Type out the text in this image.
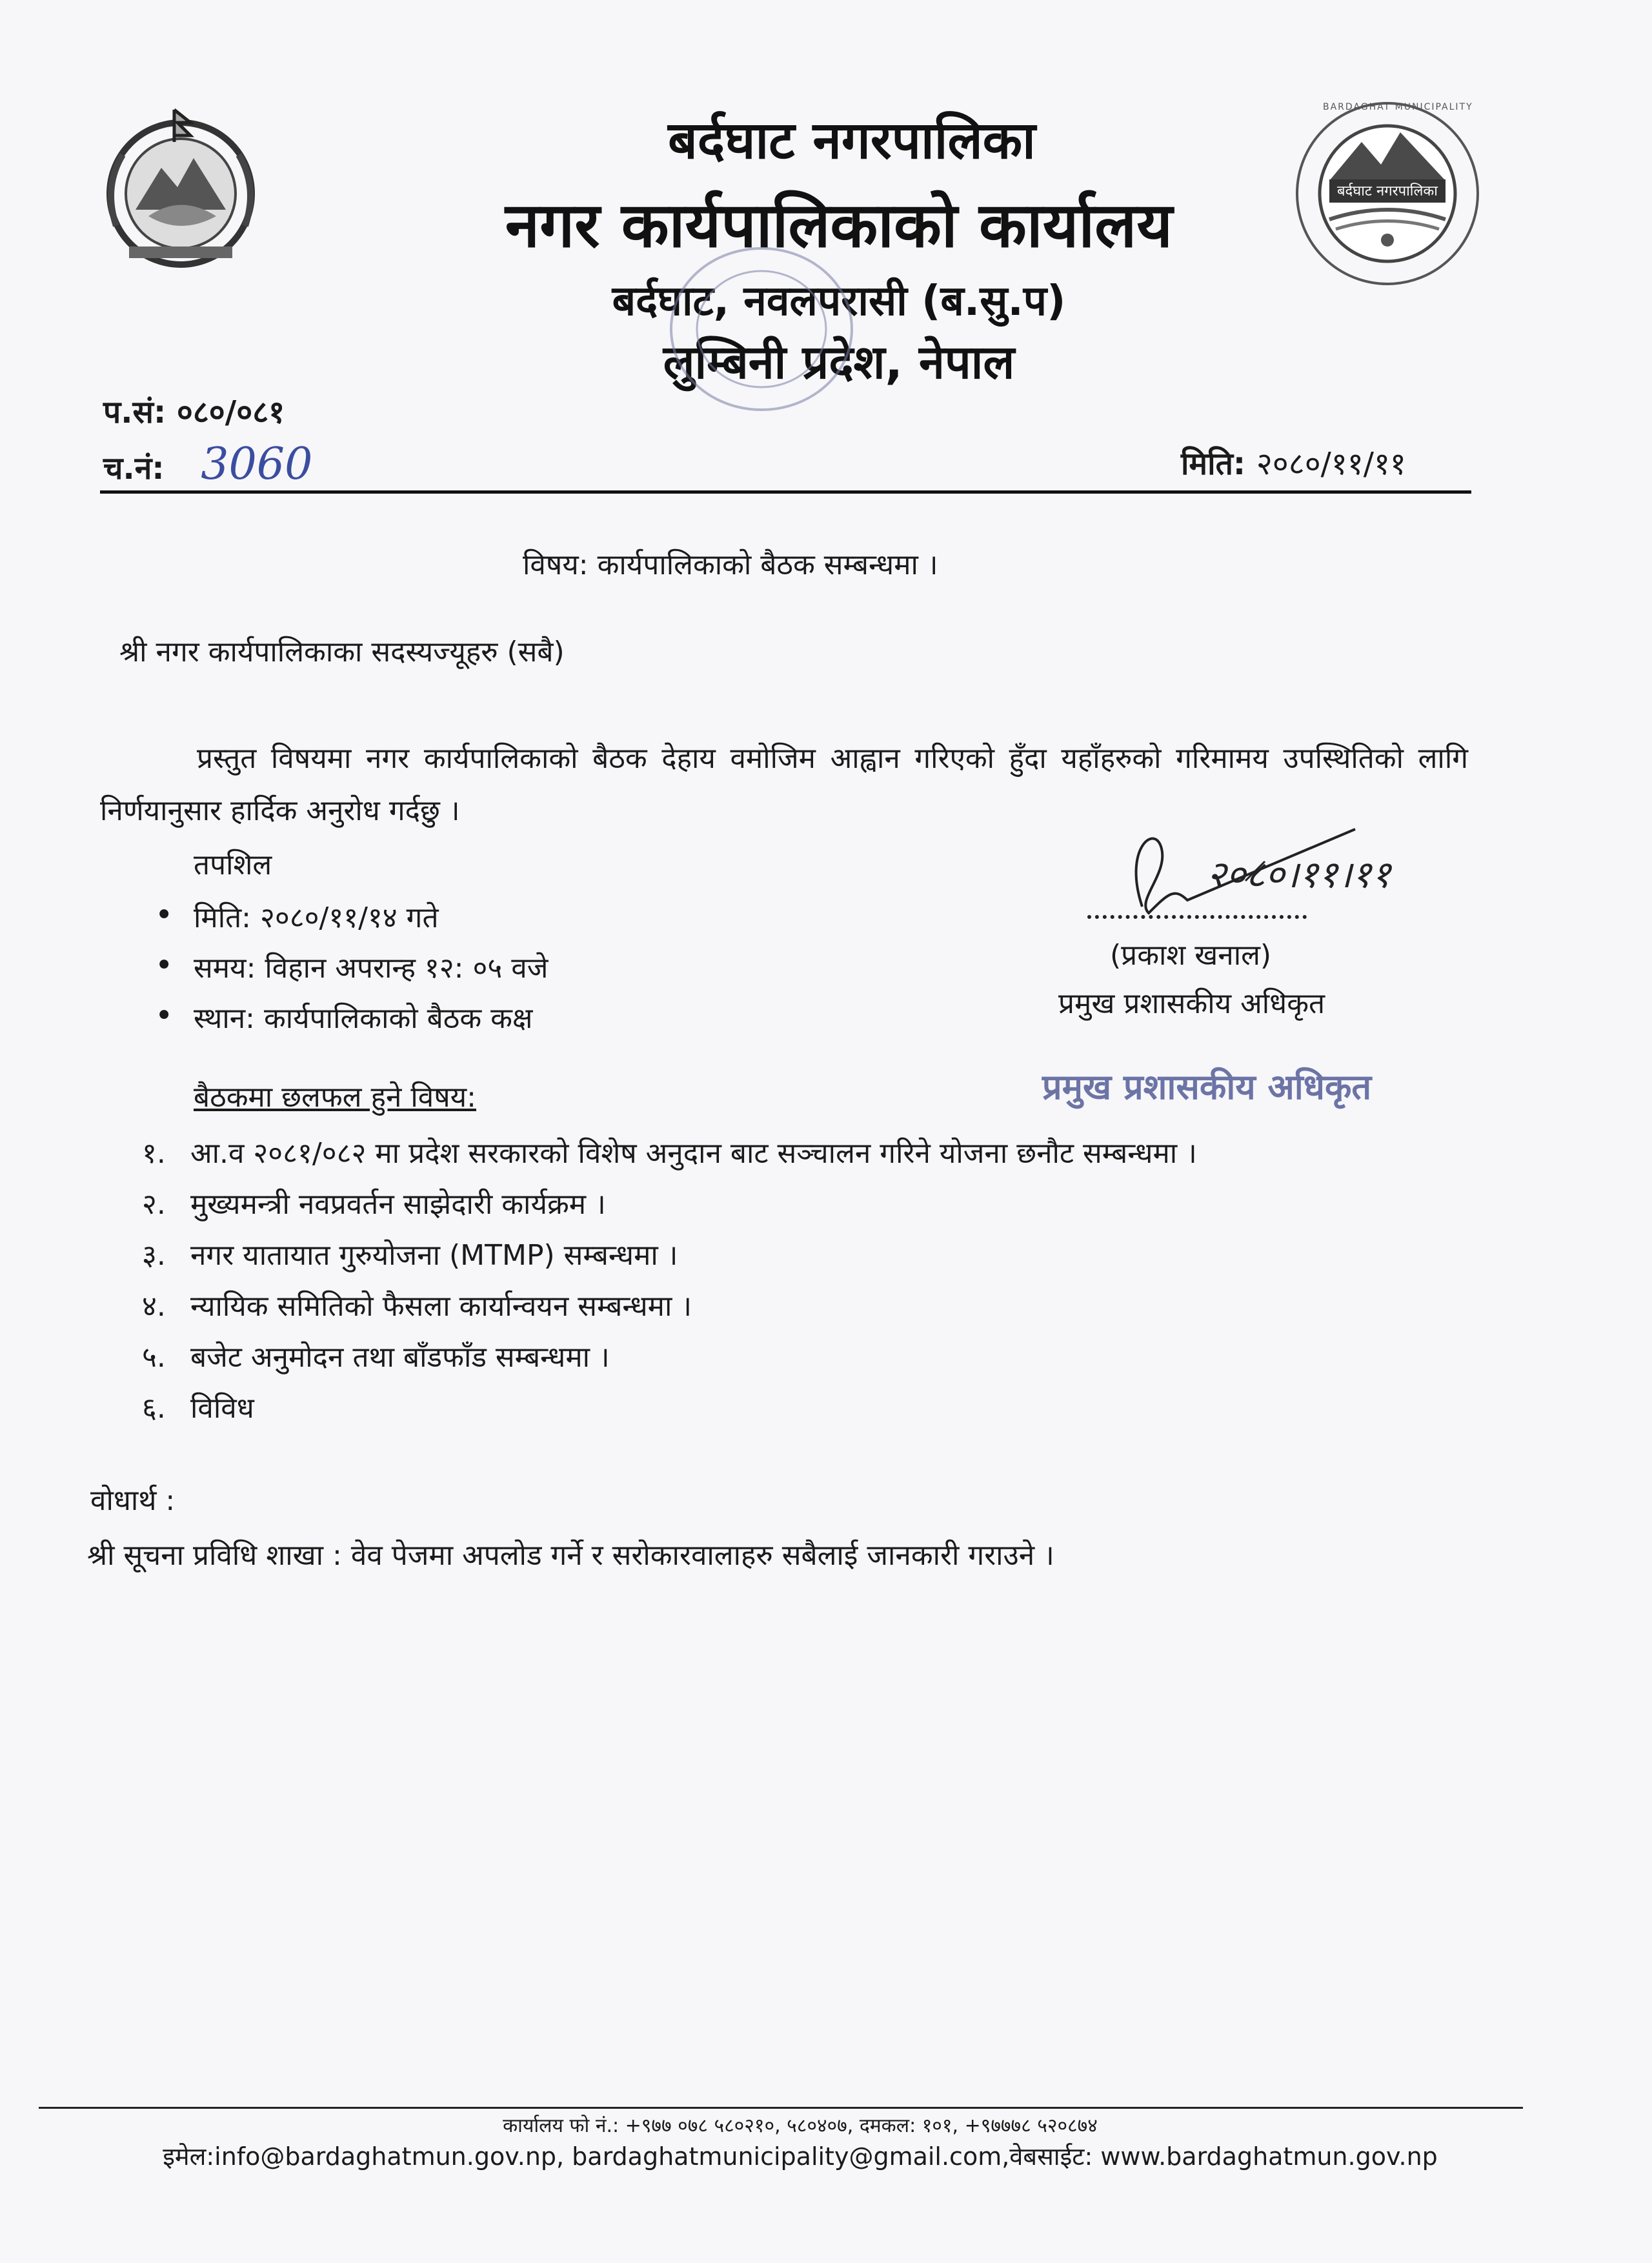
बर्दघाट नगरपालिका
BARDAGHAT MUNICIPALITY
बर्दघाट नगरपालिका
नगर कार्यपालिकाको कार्यालय
बर्दघाट, नवलपरासी (ब.सु.प)
लुम्बिनी प्रदेश, नेपाल
प.सं: ०८०/०८१
च.नं: 3060	मिति: २०८०/११/११
विषय: कार्यपालिकाको बैठक सम्बन्धमा ।
श्री नगर कार्यपालिकाका सदस्यज्यूहरु (सबै)
प्रस्तुत विषयमा नगर कार्यपालिकाको बैठक देहाय वमोजिम आह्वान गरिएको हुँदा यहाँहरुको गरिमामय उपस्थितिको लागि निर्णयानुसार हार्दिक अनुरोध गर्दछु ।
तपशिल
• मिति: २०८०/११/१४ गते
• समय: विहान अपरान्ह १२: ०५ वजे
• स्थान: कार्यपालिकाको बैठक कक्ष
बैठकमा छलफल हुने विषय:
१. आ.व २०८१/०८२ मा प्रदेश सरकारको विशेष अनुदान बाट सञ्चालन गरिने योजना छनौट सम्बन्धमा ।
२. मुख्यमन्त्री नवप्रवर्तन साझेदारी कार्यक्रम ।
३. नगर यातायात गुरुयोजना (MTMP) सम्बन्धमा ।
४. न्यायिक समितिको फैसला कार्यान्वयन सम्बन्धमा ।
५. बजेट अनुमोदन तथा बाँडफाँड सम्बन्धमा ।
६. विविध
वोधार्थ :
श्री सूचना प्रविधि शाखा : वेव पेजमा अपलोड गर्ने र सरोकारवालाहरु सबैलाई जानकारी गराउने ।
२०८०।११।११
(प्रकाश खनाल)
प्रमुख प्रशासकीय अधिकृत
प्रमुख प्रशासकीय अधिकृत
कार्यालय फो नं.: +९७७ ०७८ ५८०२१०, ५८०४०७, दमकल: १०१, +९७७७८ ५२०८७४
इमेल:info@bardaghatmun.gov.np, bardaghatmunicipality@gmail.com,वेबसाईट: www.bardaghatmun.gov.np
